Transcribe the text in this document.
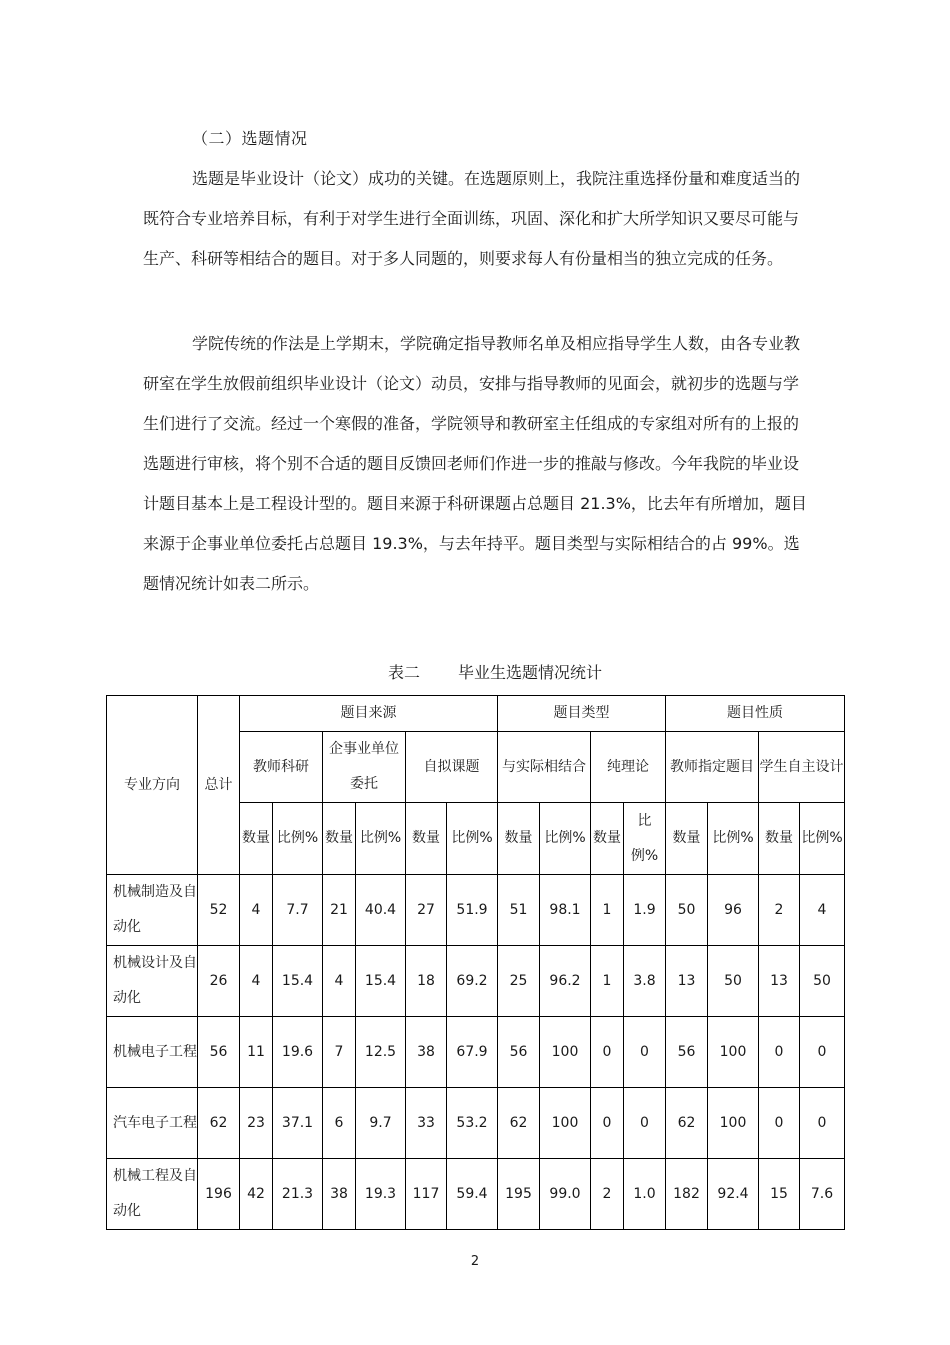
（二）选题情况

选题是毕业设计（论文）成功的关键。在选题原则上，我院注重选择份量和难度适当的既符合专业培养目标，有利于对学生进行全面训练，巩固、深化和扩大所学知识又要尽可能与生产、科研等相结合的题目。对于多人同题的，则要求每人有份量相当的独立完成的任务。

学院传统的作法是上学期末，学院确定指导教师名单及相应指导学生人数，由各专业教研室在学生放假前组织毕业设计（论文）动员，安排与指导教师的见面会，就初步的选题与学生们进行了交流。经过一个寒假的准备，学院领导和教研室主任组成的专家组对所有的上报的选题进行审核，将个别不合适的题目反馈回老师们作进一步的推敲与修改。今年我院的毕业设计题目基本上是工程设计型的。题目来源于科研课题占总题目 21.3%，比去年有所增加，题目来源于企事业单位委托占总题目 19.3%，与去年持平。题目类型与实际相结合的占 99%。选题情况统计如表二所示。

表二 毕业生选题情况统计
专业方向	总计	题目来源						题目类型				题目性质			
		教师科研		企事业单位委托		自拟课题		与实际相结合		纯理论		教师指定题目		学生自主设计	
		数量	比例%	数量	比例%	数量	比例%	数量	比例%	数量	比例%	数量	比例%	数量	比例%
机械制造及自动化	52	4	7.7	21	40.4	27	51.9	51	98.1	1	1.9	50	96	2	4
机械设计及自动化	26	4	15.4	4	15.4	18	69.2	25	96.2	1	3.8	13	50	13	50
机械电子工程	56	11	19.6	7	12.5	38	67.9	56	100	0	0	56	100	0	0
汽车电子工程	62	23	37.1	6	9.7	33	53.2	62	100	0	0	62	100	0	0
机械工程及自动化	196	42	21.3	38	19.3	117	59.4	195	99.0	2	1.0	182	92.4	15	7.6
2
